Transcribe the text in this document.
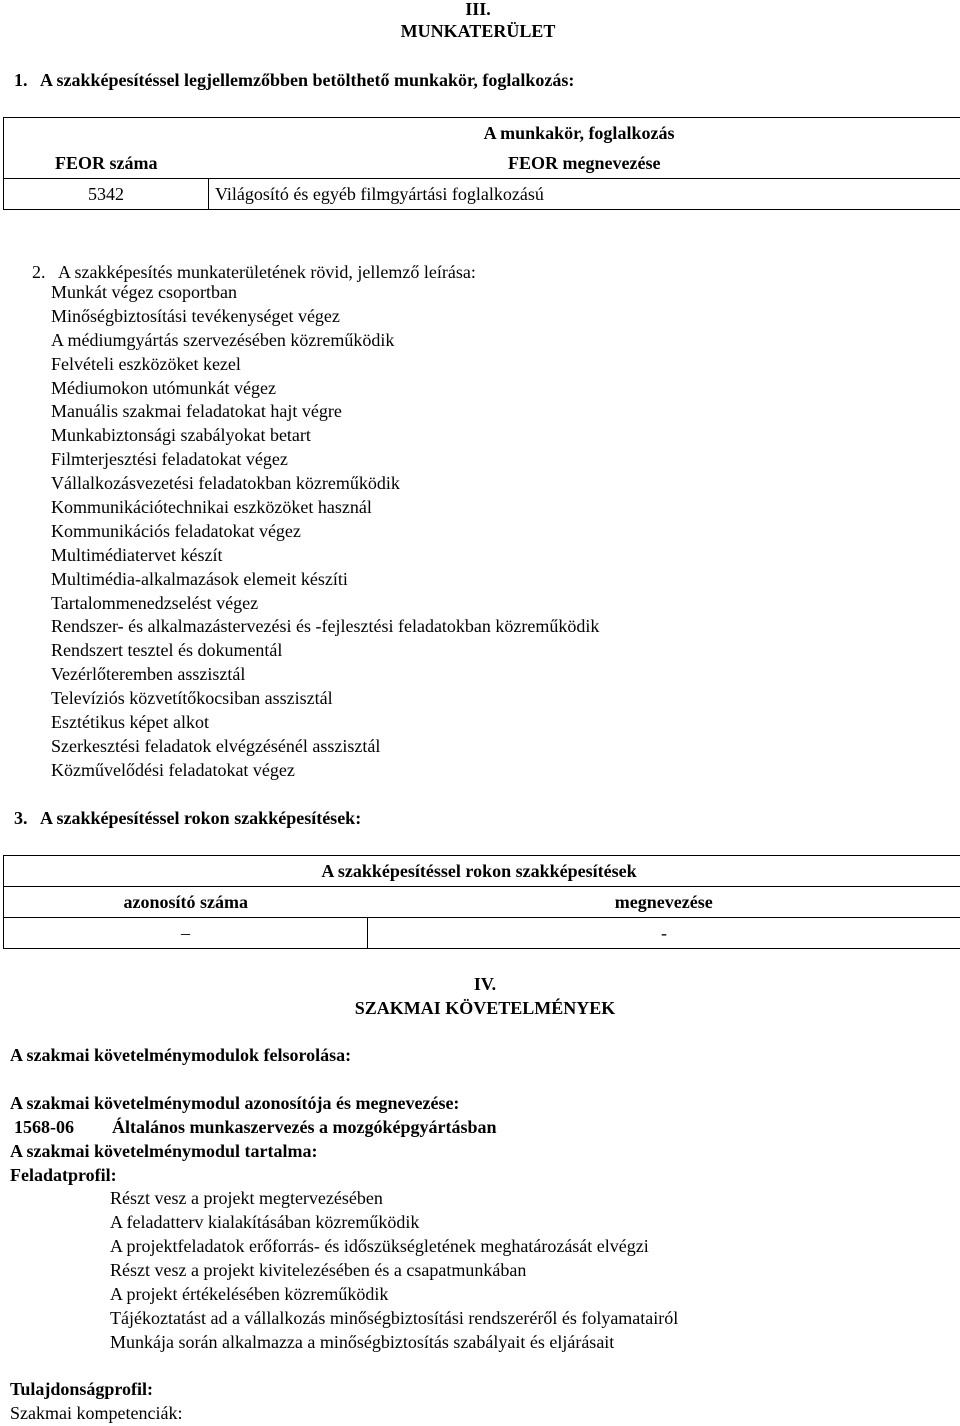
III.
MUNKATERÜLET
1.   A szakképesítéssel legjellemzőbben betölthető munkakör, foglalkozás:
A munkakör, foglalkozás	
FEOR száma	FEOR megnevezése
5342	Világosító és egyéb filmgyártási foglalkozású

2.   A szakképesítés munkaterületének rövid, jellemző leírása:

Munkát végez csoportban
Minőségbiztosítási tevékenységet végez
A médiumgyártás szervezésében közreműködik
Felvételi eszközöket kezel
Médiumokon utómunkát végez
Manuális szakmai feladatokat hajt végre
Munkabiztonsági szabályokat betart
Filmterjesztési feladatokat végez
Vállalkozásvezetési feladatokban közreműködik
Kommunikációtechnikai eszközöket használ
Kommunikációs feladatokat végez
Multimédiatervet készít
Multimédia-alkalmazások elemeit készíti
Tartalommenedzselést végez
Rendszer- és alkalmazástervezési és -fejlesztési feladatokban közreműködik
Rendszert tesztel és dokumentál
Vezérlőteremben asszisztál
Televíziós közvetítőkocsiban asszisztál
Esztétikus képet alkot
Szerkesztési feladatok elvégzésénél asszisztál
Közművelődési feladatokat végez
3.   A szakképesítéssel rokon szakképesítések:
A szakképesítéssel rokon szakképesítések	
azonosító száma	megnevezése
–	-
IV.
SZAKMAI KÖVETELMÉNYEK
A szakmai követelménymodulok felsorolása:
A szakmai követelménymodul azonosítója és megnevezése:
1568-06 Általános munkaszervezés a mozgóképgyártásban
A szakmai követelménymodul tartalma:
Feladatprofil:
Részt vesz a projekt megtervezésében
A feladatterv kialakításában közreműködik
A projektfeladatok erőforrás- és időszükségletének meghatározását elvégzi
Részt vesz a projekt kivitelezésében és a csapatmunkában
A projekt értékelésében közreműködik
Tájékoztatást ad a vállalkozás minőségbiztosítási rendszeréről és folyamatairól
Munkája során alkalmazza a minőségbiztosítás szabályait és eljárásait
Tulajdonságprofil:
Szakmai kompetenciák:
